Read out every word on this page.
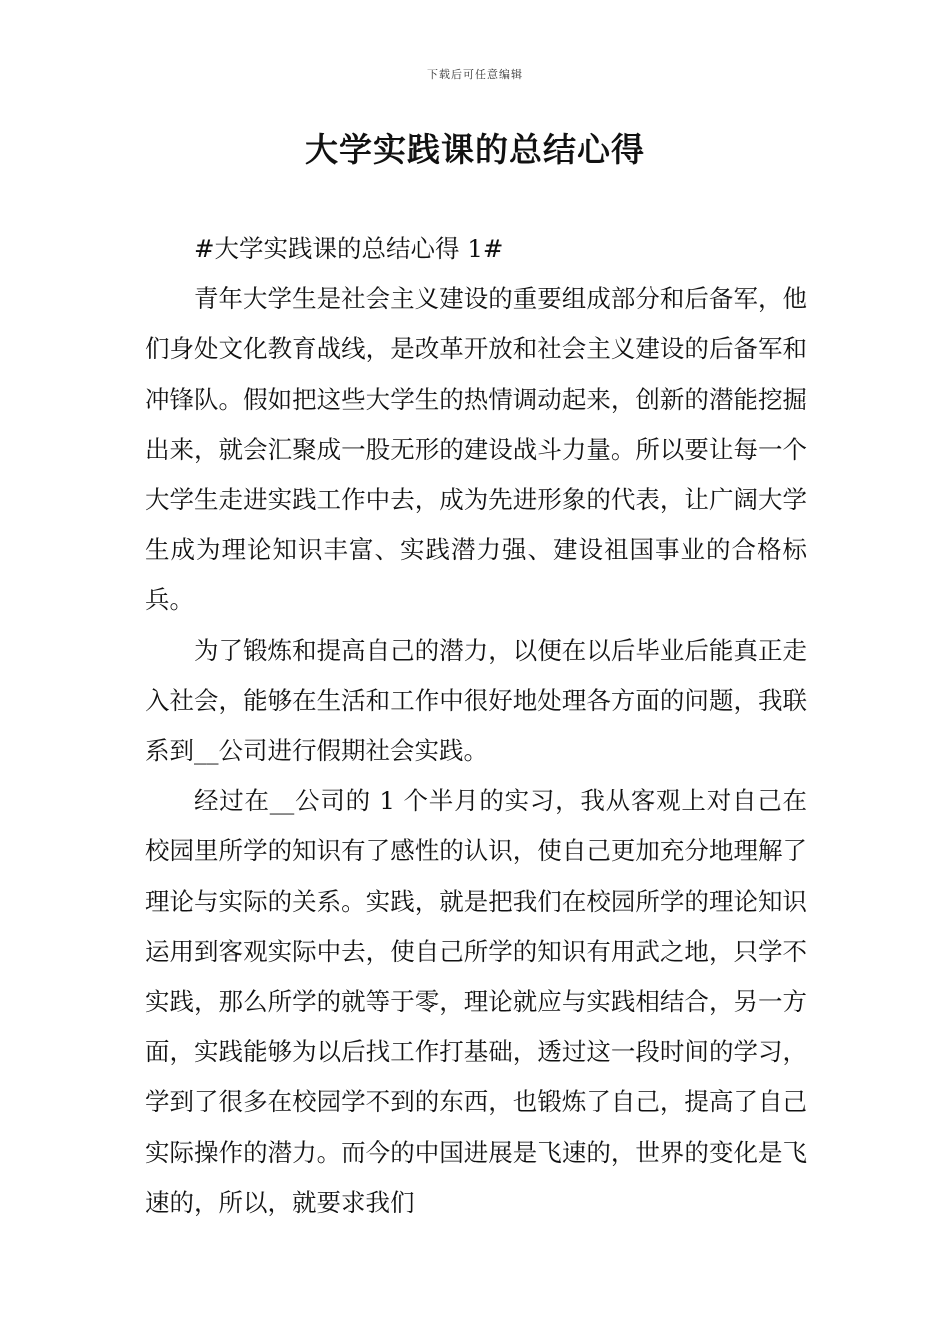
下载后可任意编辑
大学实践课的总结心得

#大学实践课的总结心得 1#

青年大学生是社会主义建设的重要组成部分和后备军，他们身处文化教育战线，是改革开放和社会主义建设的后备军和冲锋队。假如把这些大学生的热情调动起来，创新的潜能挖掘出来，就会汇聚成一股无形的建设战斗力量。所以要让每一个大学生走进实践工作中去，成为先进形象的代表，让广阔大学生成为理论知识丰富、实践潜力强、建设祖国事业的合格标兵。

为了锻炼和提高自己的潜力，以便在以后毕业后能真正走入社会，能够在生活和工作中很好地处理各方面的问题，我联系到__公司进行假期社会实践。

经过在__公司的 1 个半月的实习，我从客观上对自己在校园里所学的知识有了感性的认识，使自己更加充分地理解了理论与实际的关系。实践，就是把我们在校园所学的理论知识运用到客观实际中去，使自己所学的知识有用武之地，只学不实践，那么所学的就等于零，理论就应与实践相结合，另一方面，实践能够为以后找工作打基础，透过这一段时间的学习，学到了很多在校园学不到的东西，也锻炼了自己，提高了自己实际操作的潜力。而今的中国进展是飞速的，世界的变化是飞速的，所以，就要求我们
